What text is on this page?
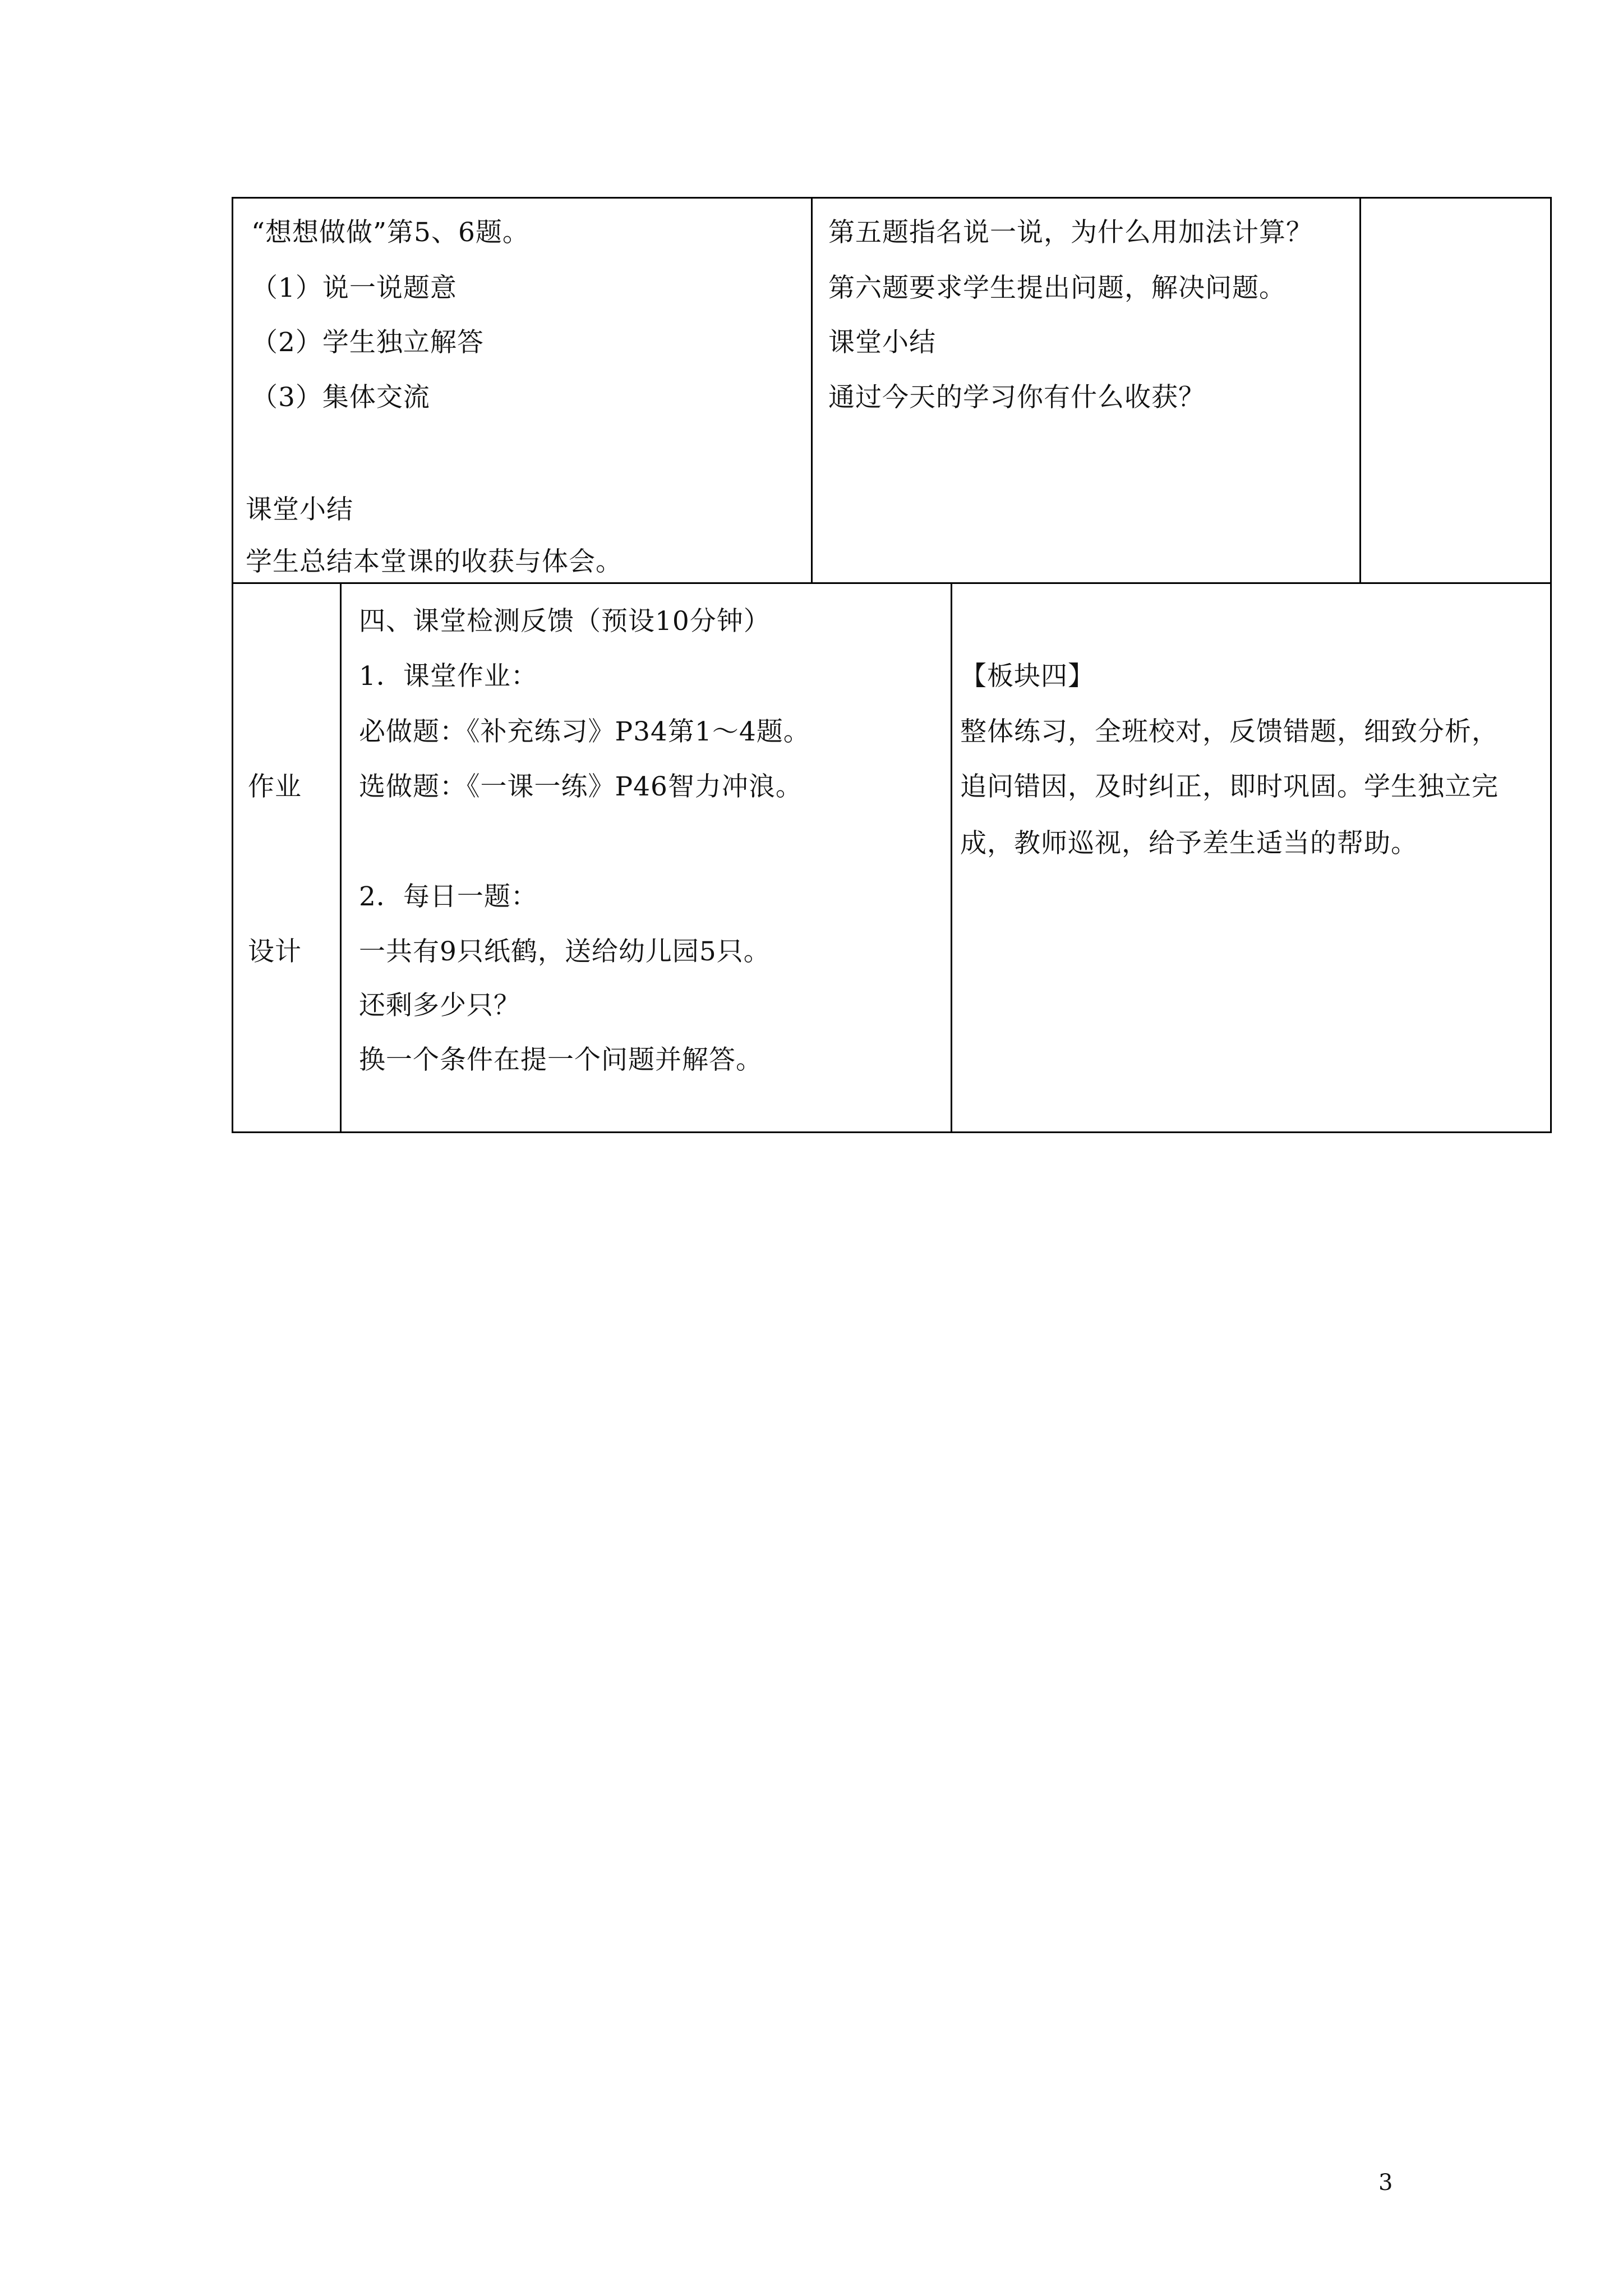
“想想做做”第5、6题。
（1）说一说题意
（2）学生独立解答
（3）集体交流
课堂小结
学生总结本堂课的收获与体会。
第五题指名说一说，为什么用加法计算？
第六题要求学生提出问题，解决问题。
课堂小结
通过今天的学习你有什么收获？
作业
设计
四、课堂检测反馈（预设10分钟）
1．课堂作业：
必做题：《补充练习》P34第1～4题。
选做题：《一课一练》P46智力冲浪。
2．每日一题：
一共有9只纸鹤，送给幼儿园5只。
还剩多少只？
换一个条件在提一个问题并解答。
【板块四】
整体练习，全班校对，反馈错题，细致分析，
追问错因，及时纠正，即时巩固。学生独立完
成，教师巡视，给予差生适当的帮助。
3
